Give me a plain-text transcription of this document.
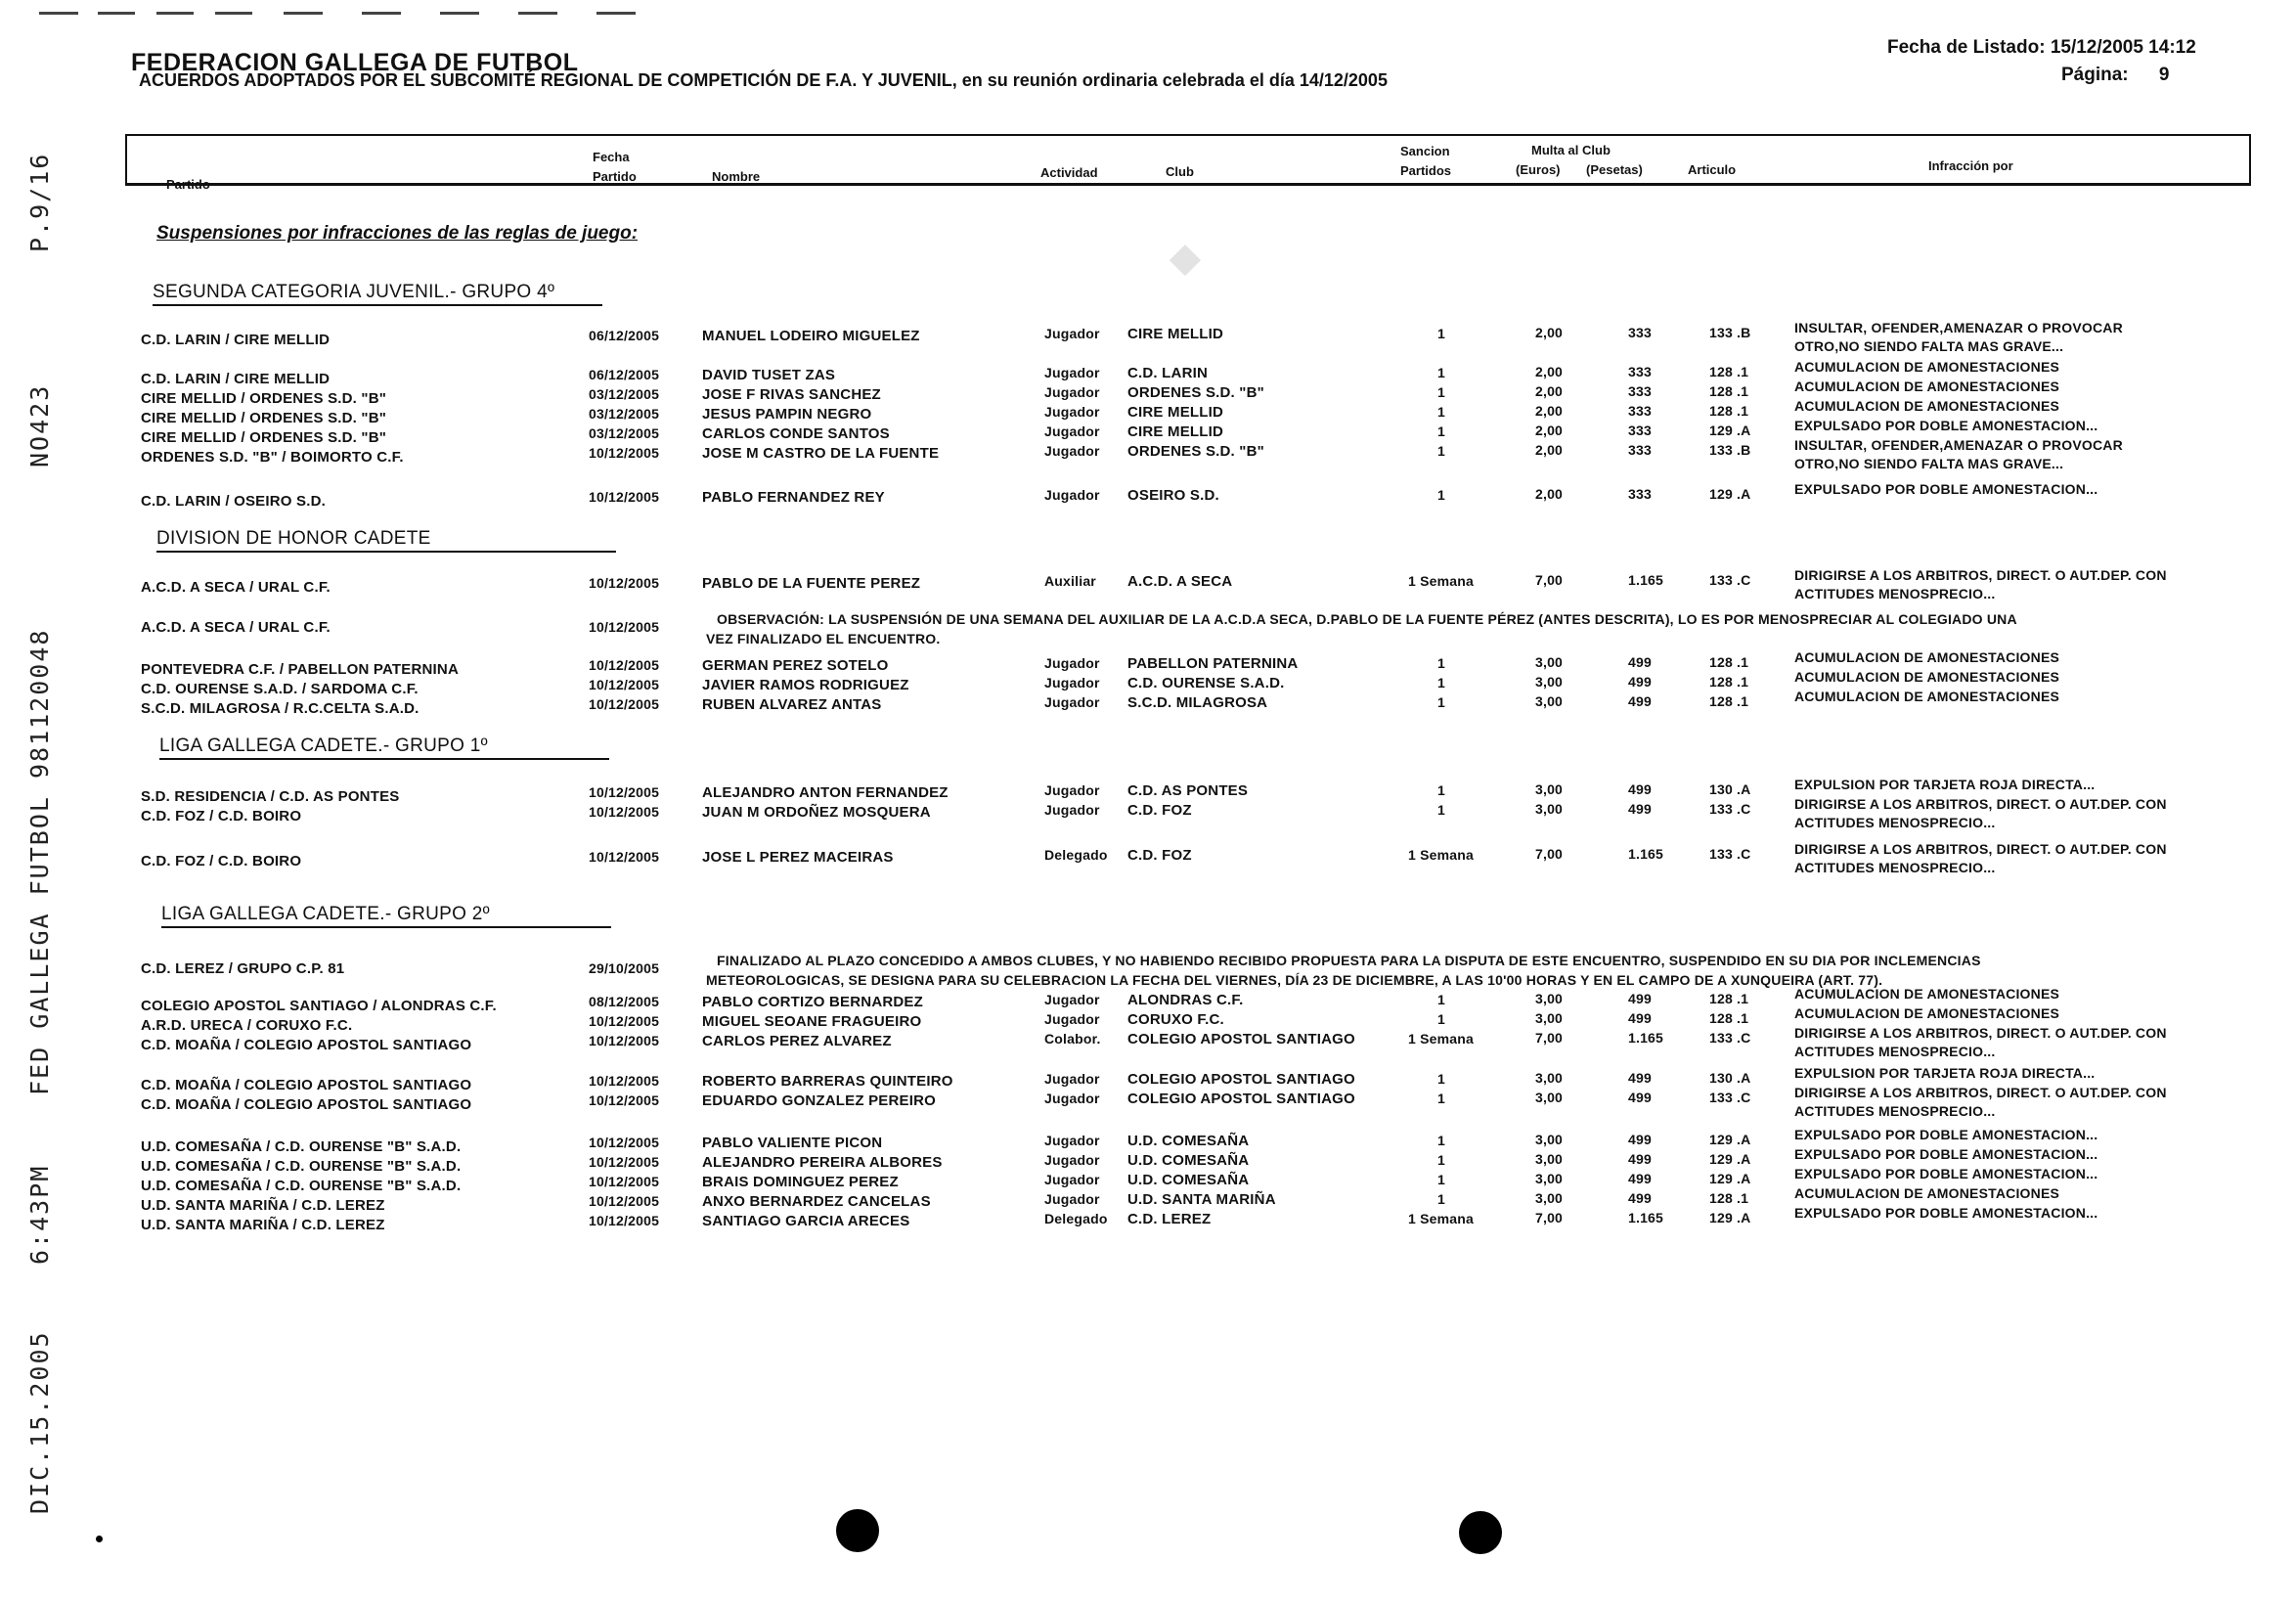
◆
DIC.15.2005
6:43PM
FED GALLEGA FUTBOL 981120048
NO423
P.9/16
FEDERACION GALLEGA DE FUTBOL
ACUERDOS ADOPTADOS POR EL SUBCOMITÉ REGIONAL DE COMPETICIÓN DE F.A. Y JUVENIL, en su reunión ordinaria celebrada el día 14/12/2005
Fecha de Listado: 15/12/2005 14:12
Página: 9
Partido
Fecha
Partido	Nombre	Actividad	Club
Sancion
Partidos
Multa al Club
(Euros) (Pesetas)	Articulo	Infracción por
Suspensiones por infracciones de las reglas de juego:
SEGUNDA CATEGORIA JUVENIL.- GRUPO 4º
C.D. LARIN / CIRE MELLID	06/12/2005	MANUEL LODEIRO MIGUELEZ	Jugador CIRE MELLID	1	2,00	333	133 .B	INSULTAR, OFENDER,AMENAZAR O PROVOCAR
OTRO,NO SIENDO FALTA MAS GRAVE...
C.D. LARIN / CIRE MELLID	06/12/2005	DAVID TUSET ZAS	Jugador C.D. LARIN	1	2,00	333	128 .1	ACUMULACION DE AMONESTACIONES
CIRE MELLID / ORDENES S.D. "B"	03/12/2005	JOSE F RIVAS SANCHEZ	Jugador ORDENES S.D. "B"	1	2,00	333	128 .1	ACUMULACION DE AMONESTACIONES
CIRE MELLID / ORDENES S.D. "B"	03/12/2005	JESUS PAMPIN NEGRO	Jugador CIRE MELLID	1	2,00	333	128 .1	ACUMULACION DE AMONESTACIONES
CIRE MELLID / ORDENES S.D. "B"	03/12/2005	CARLOS CONDE SANTOS	Jugador CIRE MELLID	1	2,00	333	129 .A	EXPULSADO POR DOBLE AMONESTACION...
ORDENES S.D. "B" / BOIMORTO C.F.	10/12/2005	JOSE M CASTRO DE LA FUENTE	Jugador ORDENES S.D. "B"	1	2,00	333	133 .B	INSULTAR, OFENDER,AMENAZAR O PROVOCAR
OTRO,NO SIENDO FALTA MAS GRAVE...
C.D. LARIN / OSEIRO S.D.	10/12/2005	PABLO FERNANDEZ REY	Jugador OSEIRO S.D.	1	2,00	333	129 .A	EXPULSADO POR DOBLE AMONESTACION...
DIVISION DE HONOR CADETE
A.C.D. A SECA / URAL C.F.	10/12/2005	PABLO DE LA FUENTE PEREZ	Auxiliar A.C.D. A SECA	1 Semana	7,00	1.165	133 .C	DIRIGIRSE A LOS ARBITROS, DIRECT. O AUT.DEP. CON
ACTITUDES MENOSPRECIO...
A.C.D. A SECA / URAL C.F.	10/12/2005	OBSERVACIÓN: LA SUSPENSIÓN DE UNA SEMANA DEL AUXILIAR DE LA A.C.D.A SECA, D.PABLO DE LA FUENTE PÉREZ (ANTES DESCRITA), LO ES POR MENOSPRECIAR AL COLEGIADO UNA
VEZ FINALIZADO EL ENCUENTRO.
PONTEVEDRA C.F. / PABELLON PATERNINA	10/12/2005	GERMAN PEREZ SOTELO	Jugador PABELLON PATERNINA	1	3,00	499	128 .1	ACUMULACION DE AMONESTACIONES
C.D. OURENSE S.A.D. / SARDOMA C.F.	10/12/2005	JAVIER RAMOS RODRIGUEZ	Jugador C.D. OURENSE S.A.D.	1	3,00	499	128 .1	ACUMULACION DE AMONESTACIONES
S.C.D. MILAGROSA / R.C.CELTA S.A.D.	10/12/2005	RUBEN ALVAREZ ANTAS	Jugador S.C.D. MILAGROSA	1	3,00	499	128 .1	ACUMULACION DE AMONESTACIONES
LIGA GALLEGA CADETE.- GRUPO 1º
S.D. RESIDENCIA / C.D. AS PONTES	10/12/2005	ALEJANDRO ANTON FERNANDEZ	Jugador C.D. AS PONTES	1	3,00	499	130 .A	EXPULSION POR TARJETA ROJA DIRECTA...
C.D. FOZ / C.D. BOIRO	10/12/2005	JUAN M ORDOÑEZ MOSQUERA	Jugador C.D. FOZ	1	3,00	499	133 .C	DIRIGIRSE A LOS ARBITROS, DIRECT. O AUT.DEP. CON
ACTITUDES MENOSPRECIO...
C.D. FOZ / C.D. BOIRO	10/12/2005	JOSE L PEREZ MACEIRAS	Delegado C.D. FOZ	1 Semana	7,00	1.165	133 .C	DIRIGIRSE A LOS ARBITROS, DIRECT. O AUT.DEP. CON
ACTITUDES MENOSPRECIO...
LIGA GALLEGA CADETE.- GRUPO 2º
C.D. LEREZ / GRUPO C.P. 81	29/10/2005	FINALIZADO AL PLAZO CONCEDIDO A AMBOS CLUBES, Y NO HABIENDO RECIBIDO PROPUESTA PARA LA DISPUTA DE ESTE ENCUENTRO, SUSPENDIDO EN SU DIA POR INCLEMENCIAS
METEOROLOGICAS, SE DESIGNA PARA SU CELEBRACION LA FECHA DEL VIERNES, DÍA 23 DE DICIEMBRE, A LAS 10'00 HORAS Y EN EL CAMPO DE A XUNQUEIRA (ART. 77).
COLEGIO APOSTOL SANTIAGO / ALONDRAS C.F.	08/12/2005	PABLO CORTIZO BERNARDEZ	Jugador ALONDRAS C.F.	1	3,00	499	128 .1	ACUMULACION DE AMONESTACIONES
A.R.D. URECA / CORUXO F.C.	10/12/2005	MIGUEL SEOANE FRAGUEIRO	Jugador CORUXO F.C.	1	3,00	499	128 .1	ACUMULACION DE AMONESTACIONES
C.D. MOAÑA / COLEGIO APOSTOL SANTIAGO	10/12/2005	CARLOS PEREZ ALVAREZ	Colabor. COLEGIO APOSTOL SANTIAGO	1 Semana	7,00	1.165	133 .C	DIRIGIRSE A LOS ARBITROS, DIRECT. O AUT.DEP. CON
ACTITUDES MENOSPRECIO...
C.D. MOAÑA / COLEGIO APOSTOL SANTIAGO	10/12/2005	ROBERTO BARRERAS QUINTEIRO	Jugador COLEGIO APOSTOL SANTIAGO	1	3,00	499	130 .A	EXPULSION POR TARJETA ROJA DIRECTA...
C.D. MOAÑA / COLEGIO APOSTOL SANTIAGO	10/12/2005	EDUARDO GONZALEZ PEREIRO	Jugador COLEGIO APOSTOL SANTIAGO	1	3,00	499	133 .C	DIRIGIRSE A LOS ARBITROS, DIRECT. O AUT.DEP. CON
ACTITUDES MENOSPRECIO...
U.D. COMESAÑA / C.D. OURENSE "B" S.A.D.	10/12/2005	PABLO VALIENTE PICON	Jugador U.D. COMESAÑA	1	3,00	499	129 .A	EXPULSADO POR DOBLE AMONESTACION...
U.D. COMESAÑA / C.D. OURENSE "B" S.A.D.	10/12/2005	ALEJANDRO PEREIRA ALBORES	Jugador U.D. COMESAÑA	1	3,00	499	129 .A	EXPULSADO POR DOBLE AMONESTACION...
U.D. COMESAÑA / C.D. OURENSE "B" S.A.D.	10/12/2005	BRAIS DOMINGUEZ PEREZ	Jugador U.D. COMESAÑA	1	3,00	499	129 .A	EXPULSADO POR DOBLE AMONESTACION...
U.D. SANTA MARIÑA / C.D. LEREZ	10/12/2005	ANXO BERNARDEZ CANCELAS	Jugador U.D. SANTA MARIÑA	1	3,00	499	128 .1	ACUMULACION DE AMONESTACIONES
U.D. SANTA MARIÑA / C.D. LEREZ	10/12/2005	SANTIAGO GARCIA ARECES	Delegado C.D. LEREZ	1 Semana	7,00	1.165	129 .A	EXPULSADO POR DOBLE AMONESTACION...
